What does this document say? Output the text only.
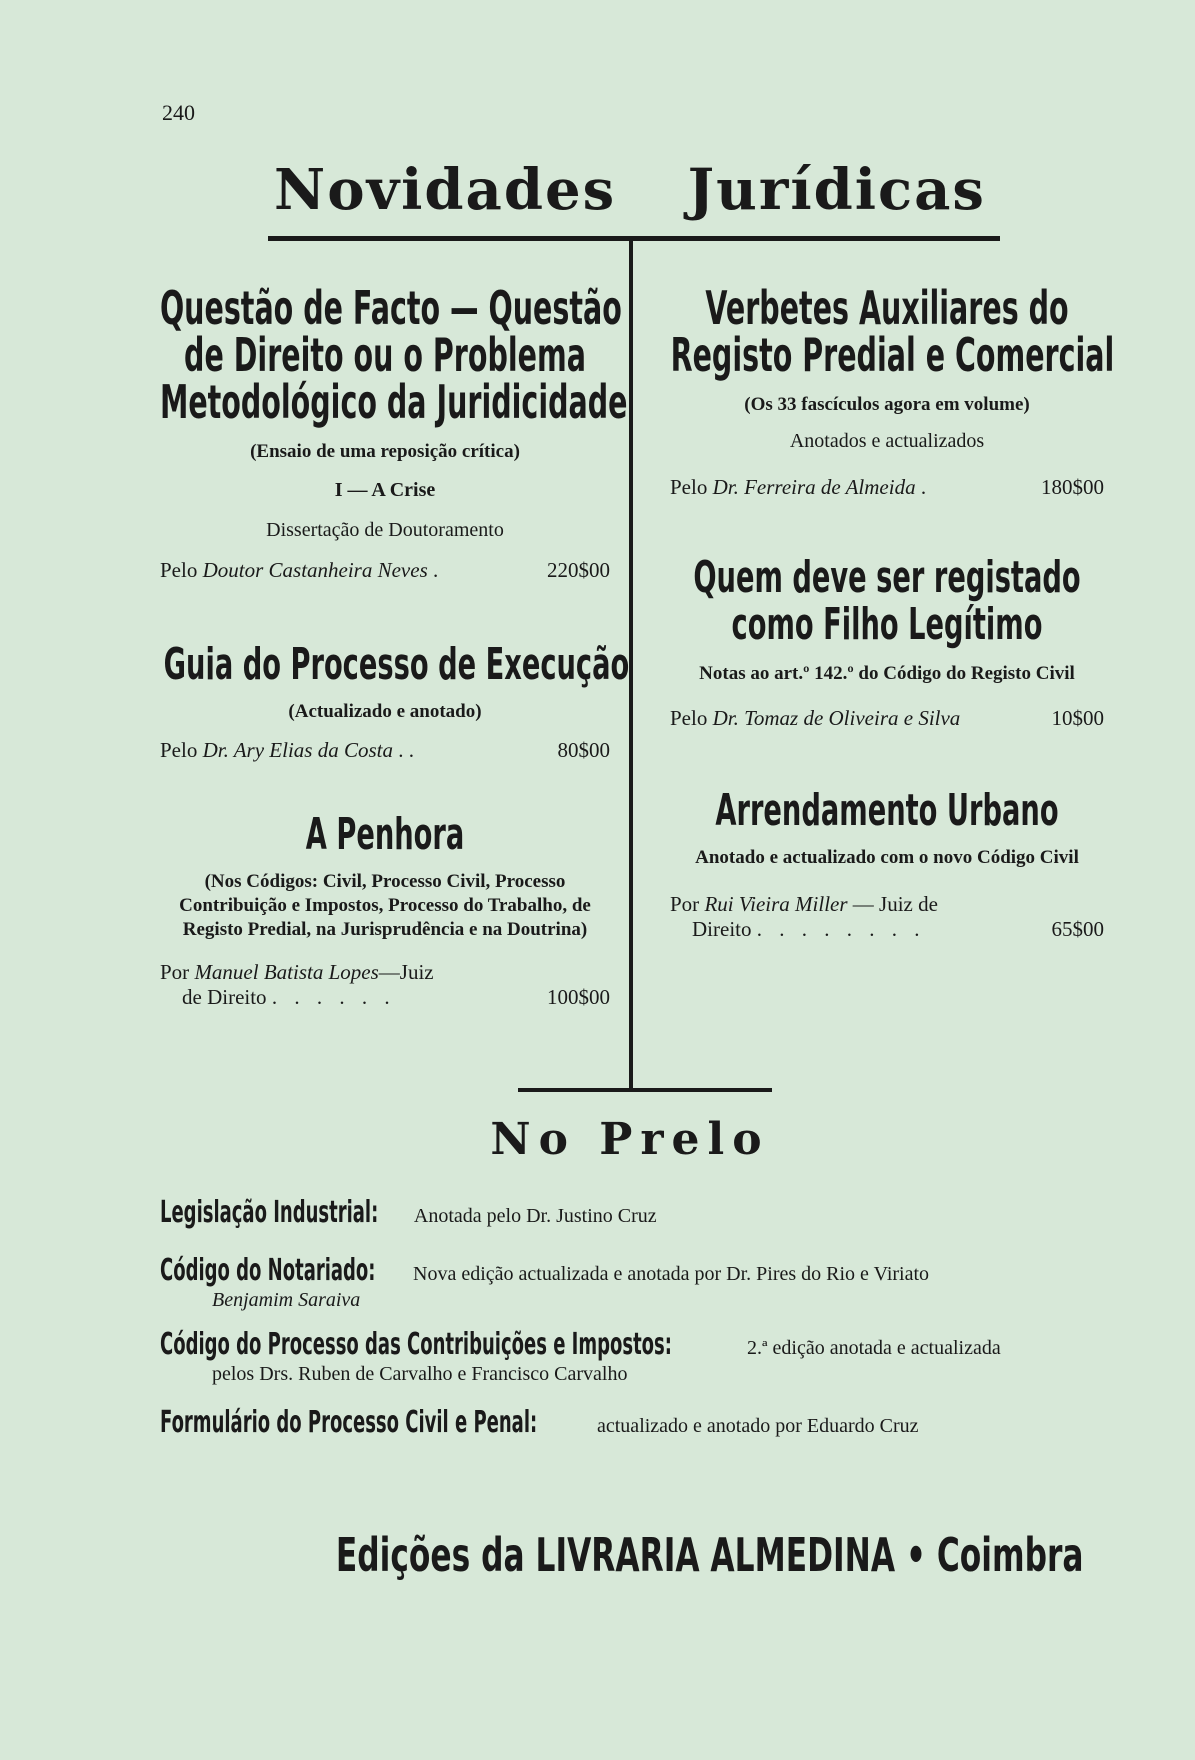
240
Novidades Jurídicas
Questão de Facto — Questão
de Direito ou o Problema
Metodológico da Juridicidade
(Ensaio de uma reposição crítica)
I — A Crise
Dissertação de Doutoramento
Pelo Doutor Castanheira Neves .	220$00
Guia do Processo de Execução
(Actualizado e anotado)
Pelo Dr. Ary Elias da Costa . .	80$00
A Penhora
(Nos Códigos: Civil, Processo Civil, Processo Contribuição e Impostos, Processo do Trabalho, de Registo Predial, na Jurisprudência e na Doutrina)
Por Manuel Batista Lopes—Juiz
de Direito . . . . . .	100$00
Verbetes Auxiliares do
Registo Predial e Comercial
(Os 33 fascículos agora em volume)
Anotados e actualizados
Pelo Dr. Ferreira de Almeida .	180$00
Quem deve ser registado
como Filho Legítimo
Notas ao art.º 142.º do Código do Registo Civil
Pelo Dr. Tomaz de Oliveira e Silva	10$00
Arrendamento Urbano
Anotado e actualizado com o novo Código Civil
Por Rui Vieira Miller — Juiz de
Direito . . . . . . . .	65$00
No Prelo
Legislação Industrial: Anotada pelo Dr. Justino Cruz
Código do Notariado: Nova edição actualizada e anotada por Dr. Pires do Rio e Viriato
Benjamim Saraiva
Código do Processo das Contribuições e Impostos:	2.ª edição anotada e actualizada
pelos Drs. Ruben de Carvalho e Francisco Carvalho
Formulário do Processo Civil e Penal:	actualizado e anotado por Eduardo Cruz
Edições da LIVRARIA ALMEDINA • Coimbra
